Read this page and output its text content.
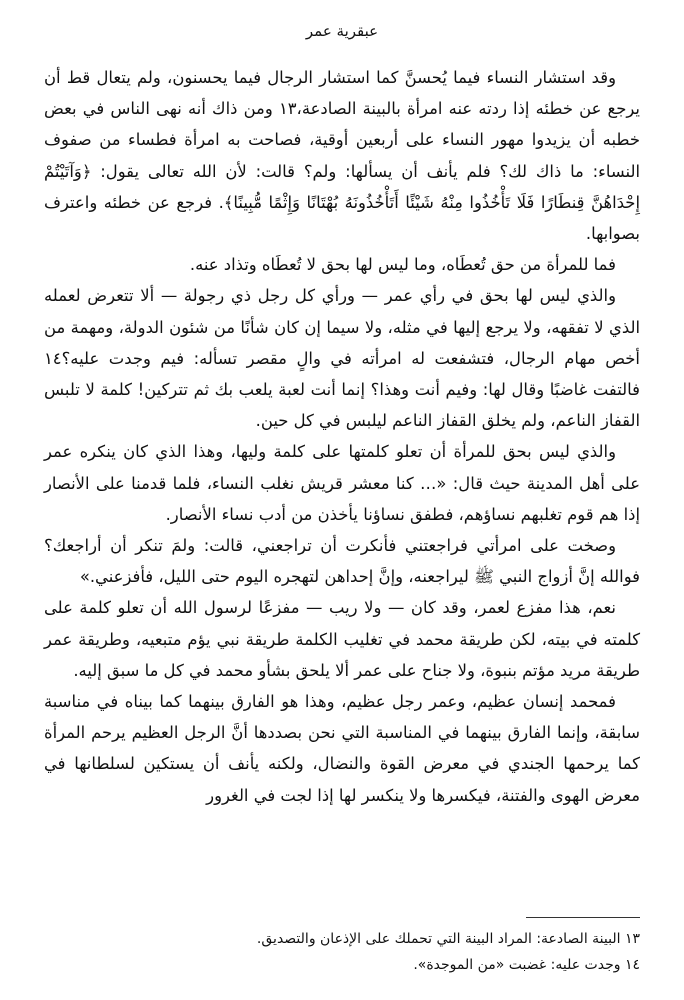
عبقرية عمر

وقد استشار النساء فيما يُحسنَّ كما استشار الرجال فيما يحسنون، ولم يتعال قط أن يرجع عن خطئه إذا ردته عنه امرأة بالبينة الصادعة،١٣ ومن ذاك أنه نهى الناس في بعض خطبه أن يزيدوا مهور النساء على أربعين أوقية، فصاحت به امرأة فطساء من صفوف النساء: ما ذاك لك؟ فلم يأنف أن يسألها: ولم؟ قالت: لأن الله تعالى يقول: ﴿وَآتَيْتُمْ إِحْدَاهُنَّ قِنطَارًا فَلَا تَأْخُذُوا مِنْهُ شَيْئًا أَتَأْخُذُونَهُ بُهْتَانًا وَإِثْمًا مُّبِينًا﴾. فرجع عن خطئه واعترف بصوابها.

فما للمرأة من حق تُعطَاه، وما ليس لها بحق لا تُعطَاه وتذاد عنه.

والذي ليس لها بحق في رأي عمر — ورأي كل رجل ذي رجولة — ألا تتعرض لعمله الذي لا تفقهه، ولا يرجع إليها في مثله، ولا سيما إن كان شأنًا من شئون الدولة، ومهمة من أخص مهام الرجال، فتشفعت له امرأته في والٍ مقصر تسأله: فيم وجدت عليه؟١٤ فالتفت غاضبًا وقال لها: وفيم أنت وهذا؟ إنما أنت لعبة يلعب بك ثم تتركين! كلمة لا تلبس القفاز الناعم، ولم يخلق القفاز الناعم ليلبس في كل حين.

والذي ليس بحق للمرأة أن تعلو كلمتها على كلمة وليها، وهذا الذي كان ينكره عمر على أهل المدينة حيث قال: «… كنا معشر قريش نغلب النساء، فلما قدمنا على الأنصار إذا هم قوم تغلبهم نساؤهم، فطفق نساؤنا يأخذن من أدب نساء الأنصار.

وصخت على امرأتي فراجعتني فأنكرت أن تراجعني، قالت: ولمَ تنكر أن أراجعك؟ فوالله إنَّ أزواج النبي ﷺ ليراجعنه، وإنَّ إحداهن لتهجره اليوم حتى الليل، فأفزعني.»

نعم، هذا مفزع لعمر، وقد كان — ولا ريب — مفزعًا لرسول الله أن تعلو كلمة على كلمته في بيته، لكن طريقة محمد في تغليب الكلمة طريقة نبي يؤم متبعيه، وطريقة عمر طريقة مريد مؤتم بنبوة، ولا جناح على عمر ألا يلحق بشأو محمد في كل ما سبق إليه.

فمحمد إنسان عظيم، وعمر رجل عظيم، وهذا هو الفارق بينهما كما بيناه في مناسبة سابقة، وإنما الفارق بينهما في المناسبة التي نحن بصددها أنَّ الرجل العظيم يرحم المرأة كما يرحمها الجندي في معرض القوة والنضال، ولكنه يأنف أن يستكين لسلطانها في معرض الهوى والفتنة، فيكسرها ولا ينكسر لها إذا لجت في الغرور

١٣ البينة الصادعة: المراد البينة التي تحملك على الإذعان والتصديق.

١٤ وجدت عليه: غضبت «من الموجدة».
